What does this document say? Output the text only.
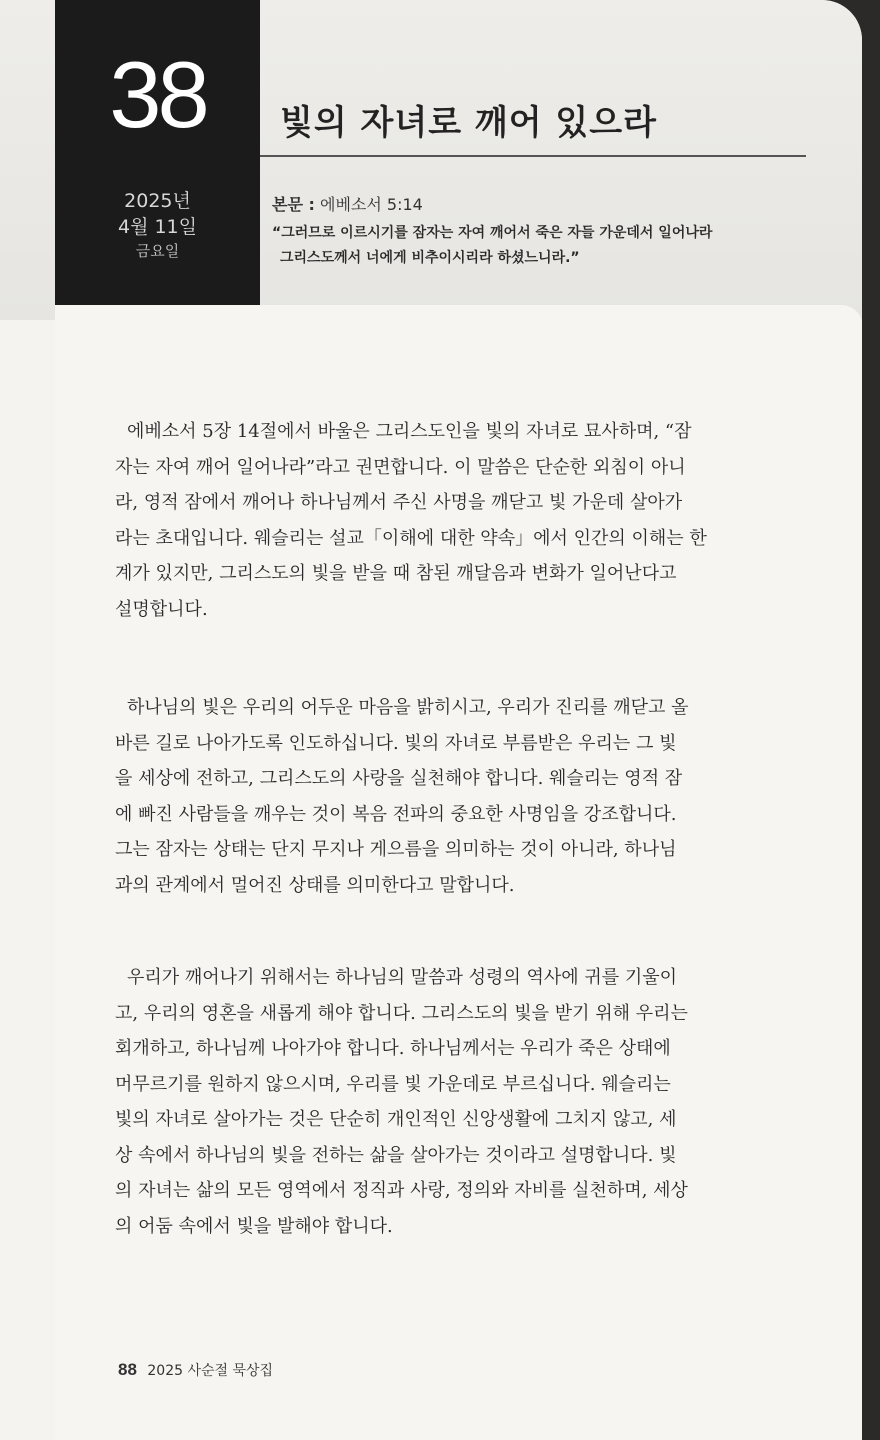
38
2025년
4월 11일
금요일
빛의 자녀로 깨어 있으라
본문 : 에베소서 5:14

“그러므로 이르시기를 잠자는 자여 깨어서 죽은 자들 가운데서 일어나라

그리스도께서 너에게 비추이시리라 하셨느니라.”

에베소서 5장 14절에서 바울은 그리스도인을 빛의 자녀로 묘사하며, “잠

자는 자여 깨어 일어나라”라고 권면합니다. 이 말씀은 단순한 외침이 아니

라, 영적 잠에서 깨어나 하나님께서 주신 사명을 깨닫고 빛 가운데 살아가

라는 초대입니다. 웨슬리는 설교「이해에 대한 약속」에서 인간의 이해는 한

계가 있지만, 그리스도의 빛을 받을 때 참된 깨달음과 변화가 일어난다고

설명합니다.

하나님의 빛은 우리의 어두운 마음을 밝히시고, 우리가 진리를 깨닫고 올

바른 길로 나아가도록 인도하십니다. 빛의 자녀로 부름받은 우리는 그 빛

을 세상에 전하고, 그리스도의 사랑을 실천해야 합니다. 웨슬리는 영적 잠

에 빠진 사람들을 깨우는 것이 복음 전파의 중요한 사명임을 강조합니다.

그는 잠자는 상태는 단지 무지나 게으름을 의미하는 것이 아니라, 하나님

과의 관계에서 멀어진 상태를 의미한다고 말합니다.

우리가 깨어나기 위해서는 하나님의 말씀과 성령의 역사에 귀를 기울이

고, 우리의 영혼을 새롭게 해야 합니다. 그리스도의 빛을 받기 위해 우리는

회개하고, 하나님께 나아가야 합니다. 하나님께서는 우리가 죽은 상태에

머무르기를 원하지 않으시며, 우리를 빛 가운데로 부르십니다. 웨슬리는

빛의 자녀로 살아가는 것은 단순히 개인적인 신앙생활에 그치지 않고, 세

상 속에서 하나님의 빛을 전하는 삶을 살아가는 것이라고 설명합니다. 빛

의 자녀는 삶의 모든 영역에서 정직과 사랑, 정의와 자비를 실천하며, 세상

의 어둠 속에서 빛을 발해야 합니다.

88 2025 사순절 묵상집
